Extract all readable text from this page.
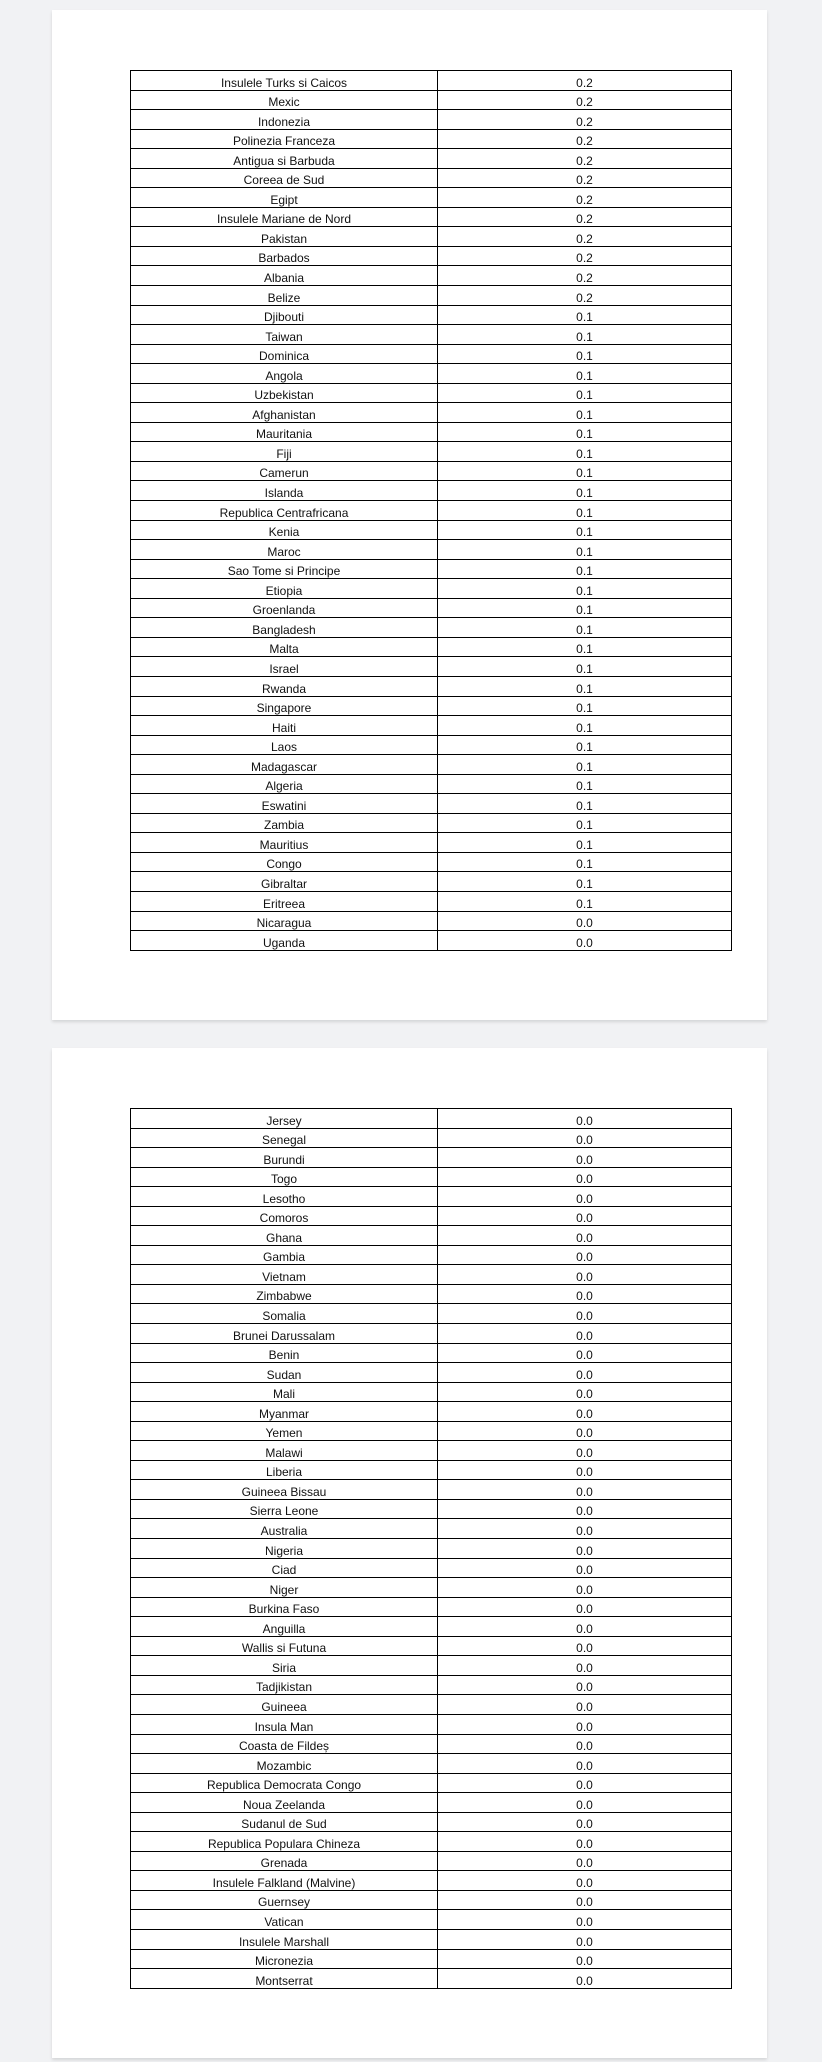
Insulele Turks si Caicos	0.2
Mexic	0.2
Indonezia	0.2
Polinezia Franceza	0.2
Antigua si Barbuda	0.2
Coreea de Sud	0.2
Egipt	0.2
Insulele Mariane de Nord	0.2
Pakistan	0.2
Barbados	0.2
Albania	0.2
Belize	0.2
Djibouti	0.1
Taiwan	0.1
Dominica	0.1
Angola	0.1
Uzbekistan	0.1
Afghanistan	0.1
Mauritania	0.1
Fiji	0.1
Camerun	0.1
Islanda	0.1
Republica Centrafricana	0.1
Kenia	0.1
Maroc	0.1
Sao Tome si Principe	0.1
Etiopia	0.1
Groenlanda	0.1
Bangladesh	0.1
Malta	0.1
Israel	0.1
Rwanda	0.1
Singapore	0.1
Haiti	0.1
Laos	0.1
Madagascar	0.1
Algeria	0.1
Eswatini	0.1
Zambia	0.1
Mauritius	0.1
Congo	0.1
Gibraltar	0.1
Eritreea	0.1
Nicaragua	0.0
Uganda	0.0
Jersey	0.0
Senegal	0.0
Burundi	0.0
Togo	0.0
Lesotho	0.0
Comoros	0.0
Ghana	0.0
Gambia	0.0
Vietnam	0.0
Zimbabwe	0.0
Somalia	0.0
Brunei Darussalam	0.0
Benin	0.0
Sudan	0.0
Mali	0.0
Myanmar	0.0
Yemen	0.0
Malawi	0.0
Liberia	0.0
Guineea Bissau	0.0
Sierra Leone	0.0
Australia	0.0
Nigeria	0.0
Ciad	0.0
Niger	0.0
Burkina Faso	0.0
Anguilla	0.0
Wallis si Futuna	0.0
Siria	0.0
Tadjikistan	0.0
Guineea	0.0
Insula Man	0.0
Coasta de Fildeș	0.0
Mozambic	0.0
Republica Democrata Congo	0.0
Noua Zeelanda	0.0
Sudanul de Sud	0.0
Republica Populara Chineza	0.0
Grenada	0.0
Insulele Falkland (Malvine)	0.0
Guernsey	0.0
Vatican	0.0
Insulele Marshall	0.0
Micronezia	0.0
Montserrat	0.0
